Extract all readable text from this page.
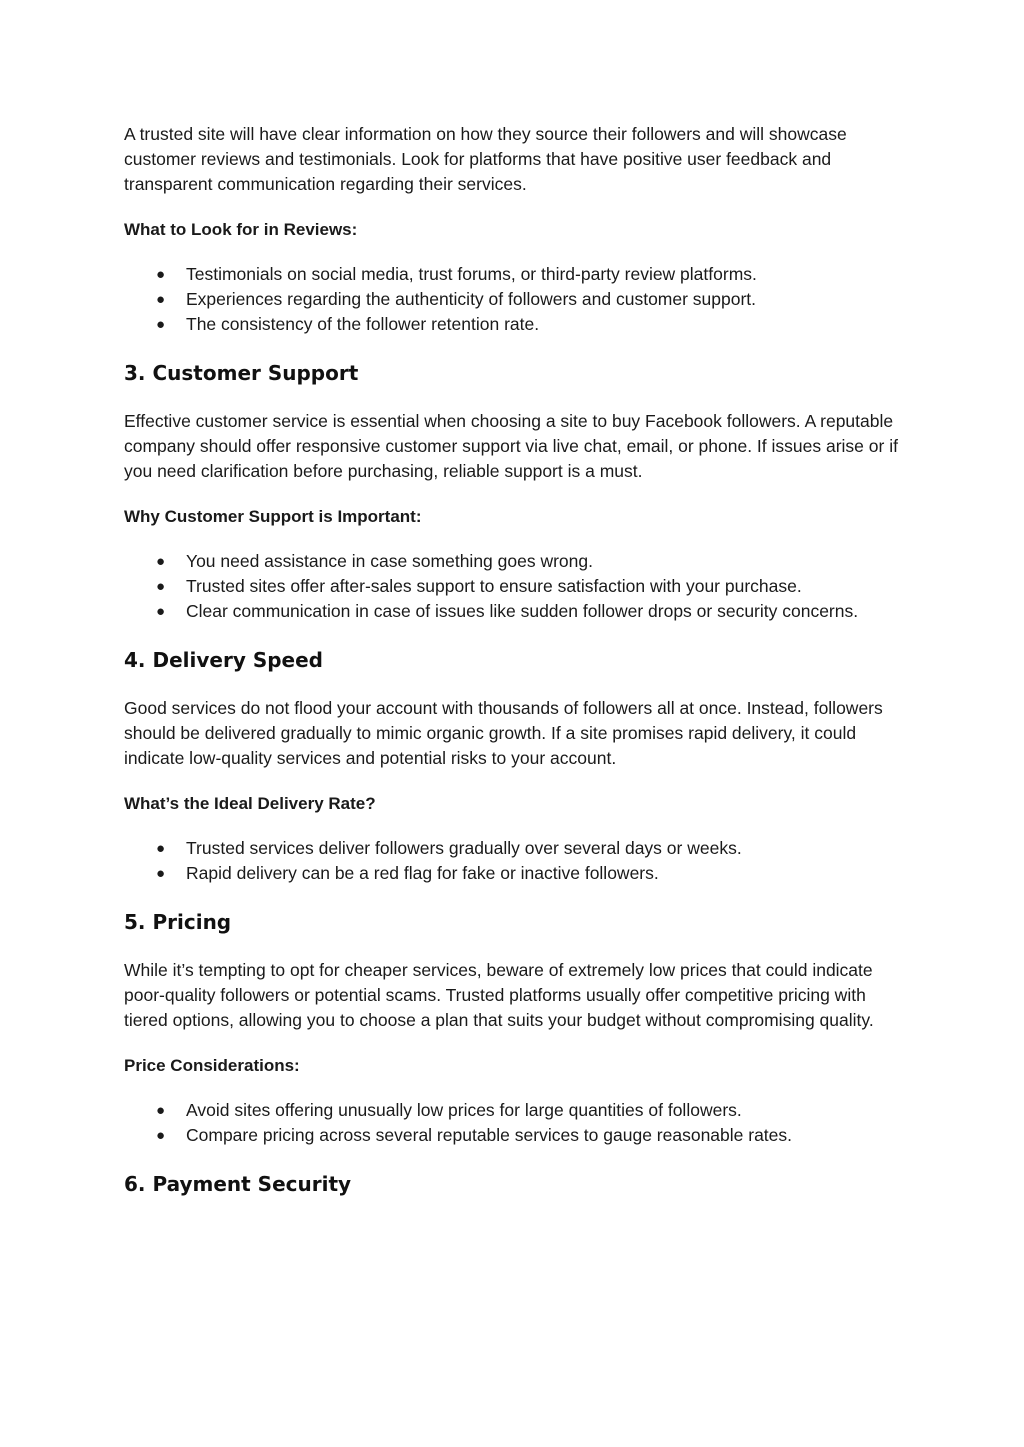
A trusted site will have clear information on how they source their followers and will showcase customer reviews and testimonials. Look for platforms that have positive user feedback and transparent communication regarding their services.

What to Look for in Reviews:

● Testimonials on social media, trust forums, or third-party review platforms.
● Experiences regarding the authenticity of followers and customer support.
● The consistency of the follower retention rate.
3. Customer Support

Effective customer service is essential when choosing a site to buy Facebook followers. A reputable company should offer responsive customer support via live chat, email, or phone. If issues arise or if you need clarification before purchasing, reliable support is a must.

Why Customer Support is Important:

● You need assistance in case something goes wrong.
● Trusted sites offer after-sales support to ensure satisfaction with your purchase.
● Clear communication in case of issues like sudden follower drops or security concerns.
4. Delivery Speed

Good services do not flood your account with thousands of followers all at once. Instead, followers should be delivered gradually to mimic organic growth. If a site promises rapid delivery, it could indicate low-quality services and potential risks to your account.

What’s the Ideal Delivery Rate?

● Trusted services deliver followers gradually over several days or weeks.
● Rapid delivery can be a red flag for fake or inactive followers.
5. Pricing

While it’s tempting to opt for cheaper services, beware of extremely low prices that could indicate poor-quality followers or potential scams. Trusted platforms usually offer competitive pricing with tiered options, allowing you to choose a plan that suits your budget without compromising quality.

Price Considerations:

● Avoid sites offering unusually low prices for large quantities of followers.
● Compare pricing across several reputable services to gauge reasonable rates.
6. Payment Security
